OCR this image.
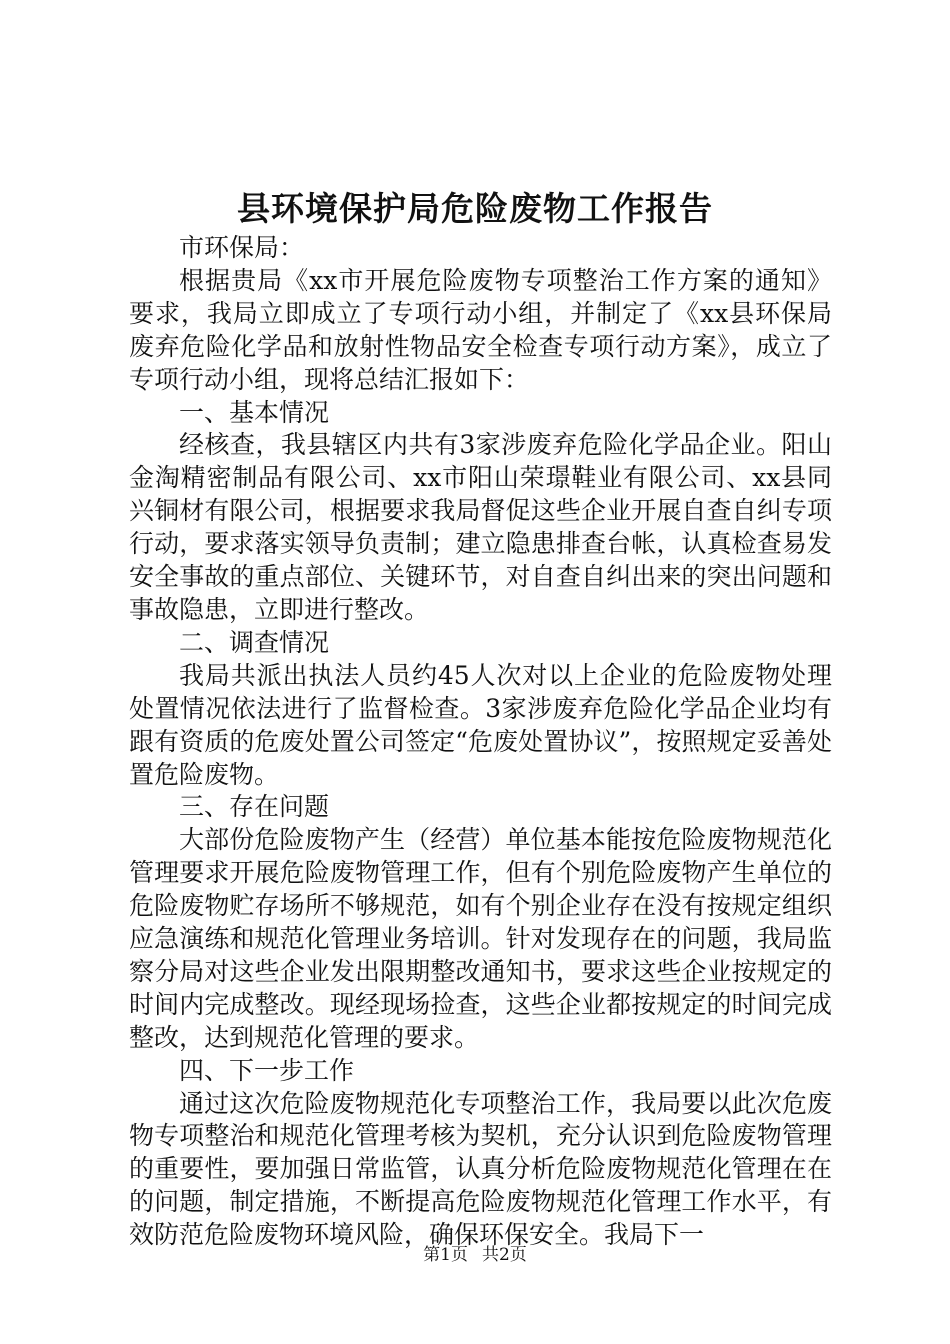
县环境保护局危险废物工作报告

市环保局：

根据贵局《xx市开展危险废物专项整治工作方案的通知》要求，我局立即成立了专项行动小组，并制定了《xx县环保局废弃危险化学品和放射性物品安全检查专项行动方案》，成立了专项行动小组，现将总结汇报如下：

一、基本情况

经核查，我县辖区内共有3家涉废弃危险化学品企业。阳山金淘精密制品有限公司、xx市阳山荣璟鞋业有限公司、xx县同兴铜材有限公司，根据要求我局督促这些企业开展自查自纠专项行动，要求落实领导负责制；建立隐患排查台帐，认真检查易发安全事故的重点部位、关键环节，对自查自纠出来的突出问题和事故隐患，立即进行整改。

二、调查情况

我局共派出执法人员约45人次对以上企业的危险废物处理处置情况依法进行了监督检查。3家涉废弃危险化学品企业均有跟有资质的危废处置公司签定“危废处置协议”，按照规定妥善处置危险废物。

三、存在问题

大部份危险废物产生（经营）单位基本能按危险废物规范化管理要求开展危险废物管理工作，但有个别危险废物产生单位的危险废物贮存场所不够规范，如有个别企业存在没有按规定组织应急演练和规范化管理业务培训。针对发现存在的问题，我局监察分局对这些企业发出限期整改通知书，要求这些企业按规定的时间内完成整改。现经现场捡查，这些企业都按规定的时间完成整改，达到规范化管理的要求。

四、下一步工作

通过这次危险废物规范化专项整治工作，我局要以此次危废物专项整治和规范化管理考核为契机，充分认识到危险废物管理的重要性，要加强日常监管，认真分析危险废物规范化管理在在的问题，制定措施，不断提高危险废物规范化管理工作水平，有效防范危险废物环境风险，确保环保安全。我局下一

第1页 共2页
